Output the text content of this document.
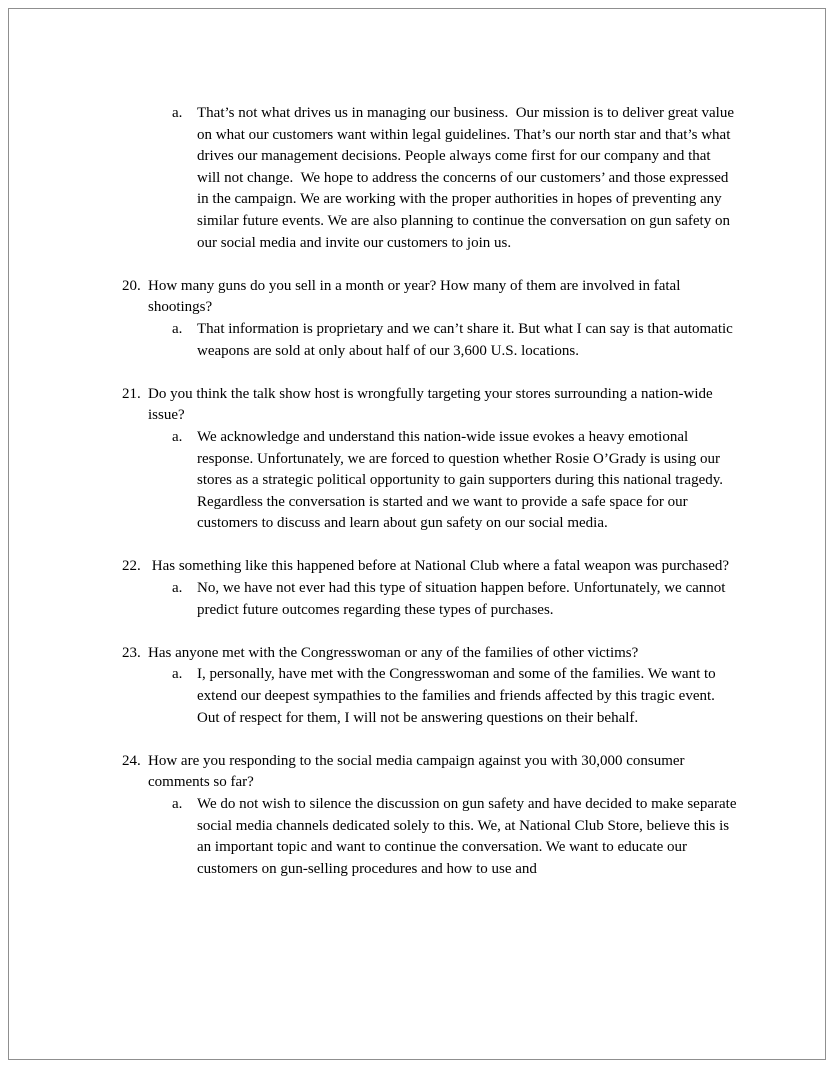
a. That’s not what drives us in managing our business.  Our mission is to deliver great value on what our customers want within legal guidelines. That’s our north star and that’s what drives our management decisions. People always come first for our company and that will not change.  We hope to address the concerns of our customers’ and those expressed in the campaign. We are working with the proper authorities in hopes of preventing any similar future events. We are also planning to continue the conversation on gun safety on our social media and invite our customers to join us.
20. How many guns do you sell in a month or year? How many of them are involved in fatal shootings?
a. That information is proprietary and we can’t share it. But what I can say is that automatic weapons are sold at only about half of our 3,600 U.S. locations.
21. Do you think the talk show host is wrongfully targeting your stores surrounding a nation-wide issue?
a. We acknowledge and understand this nation-wide issue evokes a heavy emotional response. Unfortunately, we are forced to question whether Rosie O’Grady is using our stores as a strategic political opportunity to gain supporters during this national tragedy.  Regardless the conversation is started and we want to provide a safe space for our customers to discuss and learn about gun safety on our social media.
22. Has something like this happened before at National Club where a fatal weapon was purchased?
a. No, we have not ever had this type of situation happen before. Unfortunately, we cannot predict future outcomes regarding these types of purchases.
23. Has anyone met with the Congresswoman or any of the families of other victims?
a. I, personally, have met with the Congresswoman and some of the families. We want to extend our deepest sympathies to the families and friends affected by this tragic event. Out of respect for them, I will not be answering questions on their behalf.
24. How are you responding to the social media campaign against you with 30,000 consumer comments so far?
a. We do not wish to silence the discussion on gun safety and have decided to make separate social media channels dedicated solely to this. We, at National Club Store, believe this is an important topic and want to continue the conversation. We want to educate our customers on gun-selling procedures and how to use and
